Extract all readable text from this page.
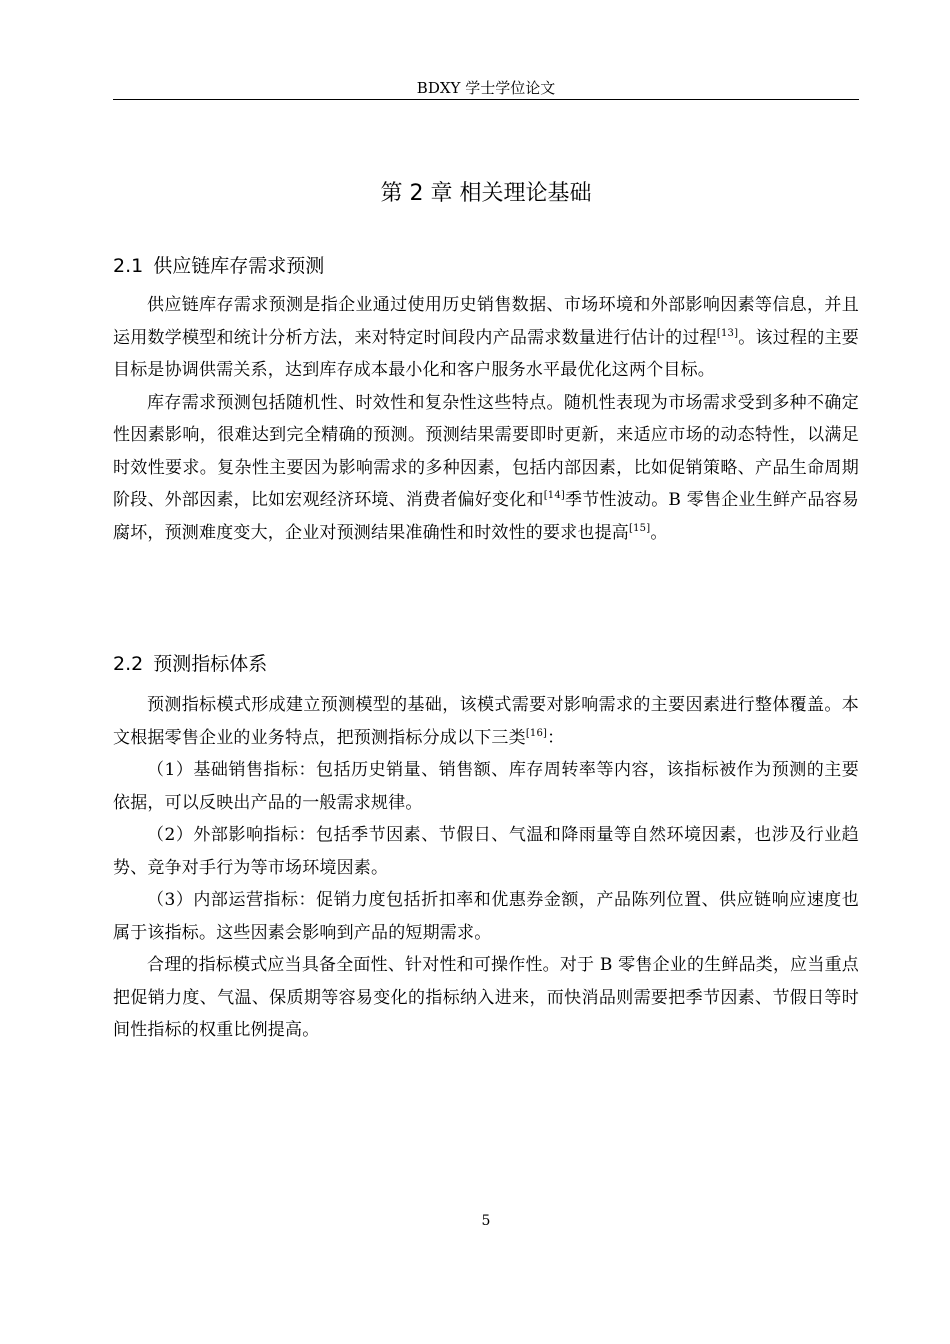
BDXY 学士学位论文
第 2 章 相关理论基础
2.1 供应链库存需求预测

供应链库存需求预测是指企业通过使用历史销售数据、市场环境和外部影响因素等信息，并且运用数学模型和统计分析方法，来对特定时间段内产品需求数量进行估计的过程[13]。该过程的主要目标是协调供需关系，达到库存成本最小化和客户服务水平最优化这两个目标。

库存需求预测包括随机性、时效性和复杂性这些特点。随机性表现为市场需求受到多种不确定性因素影响，很难达到完全精确的预测。预测结果需要即时更新，来适应市场的动态特性，以满足时效性要求。复杂性主要因为影响需求的多种因素，包括内部因素，比如促销策略、产品生命周期阶段、外部因素，比如宏观经济环境、消费者偏好变化和[14]季节性波动。B 零售企业生鲜产品容易腐坏，预测难度变大，企业对预测结果准确性和时效性的要求也提高[15]。

2.2 预测指标体系

预测指标模式形成建立预测模型的基础，该模式需要对影响需求的主要因素进行整体覆盖。本文根据零售企业的业务特点，把预测指标分成以下三类[16]：

（1）基础销售指标：包括历史销量、销售额、库存周转率等内容，该指标被作为预测的主要依据，可以反映出产品的一般需求规律。

（2）外部影响指标：包括季节因素、节假日、气温和降雨量等自然环境因素，也涉及行业趋势、竞争对手行为等市场环境因素。

（3）内部运营指标：促销力度包括折扣率和优惠券金额，产品陈列位置、供应链响应速度也属于该指标。这些因素会影响到产品的短期需求。

合理的指标模式应当具备全面性、针对性和可操作性。对于 B 零售企业的生鲜品类，应当重点把促销力度、气温、保质期等容易变化的指标纳入进来，而快消品则需要把季节因素、节假日等时间性指标的权重比例提高。

5
